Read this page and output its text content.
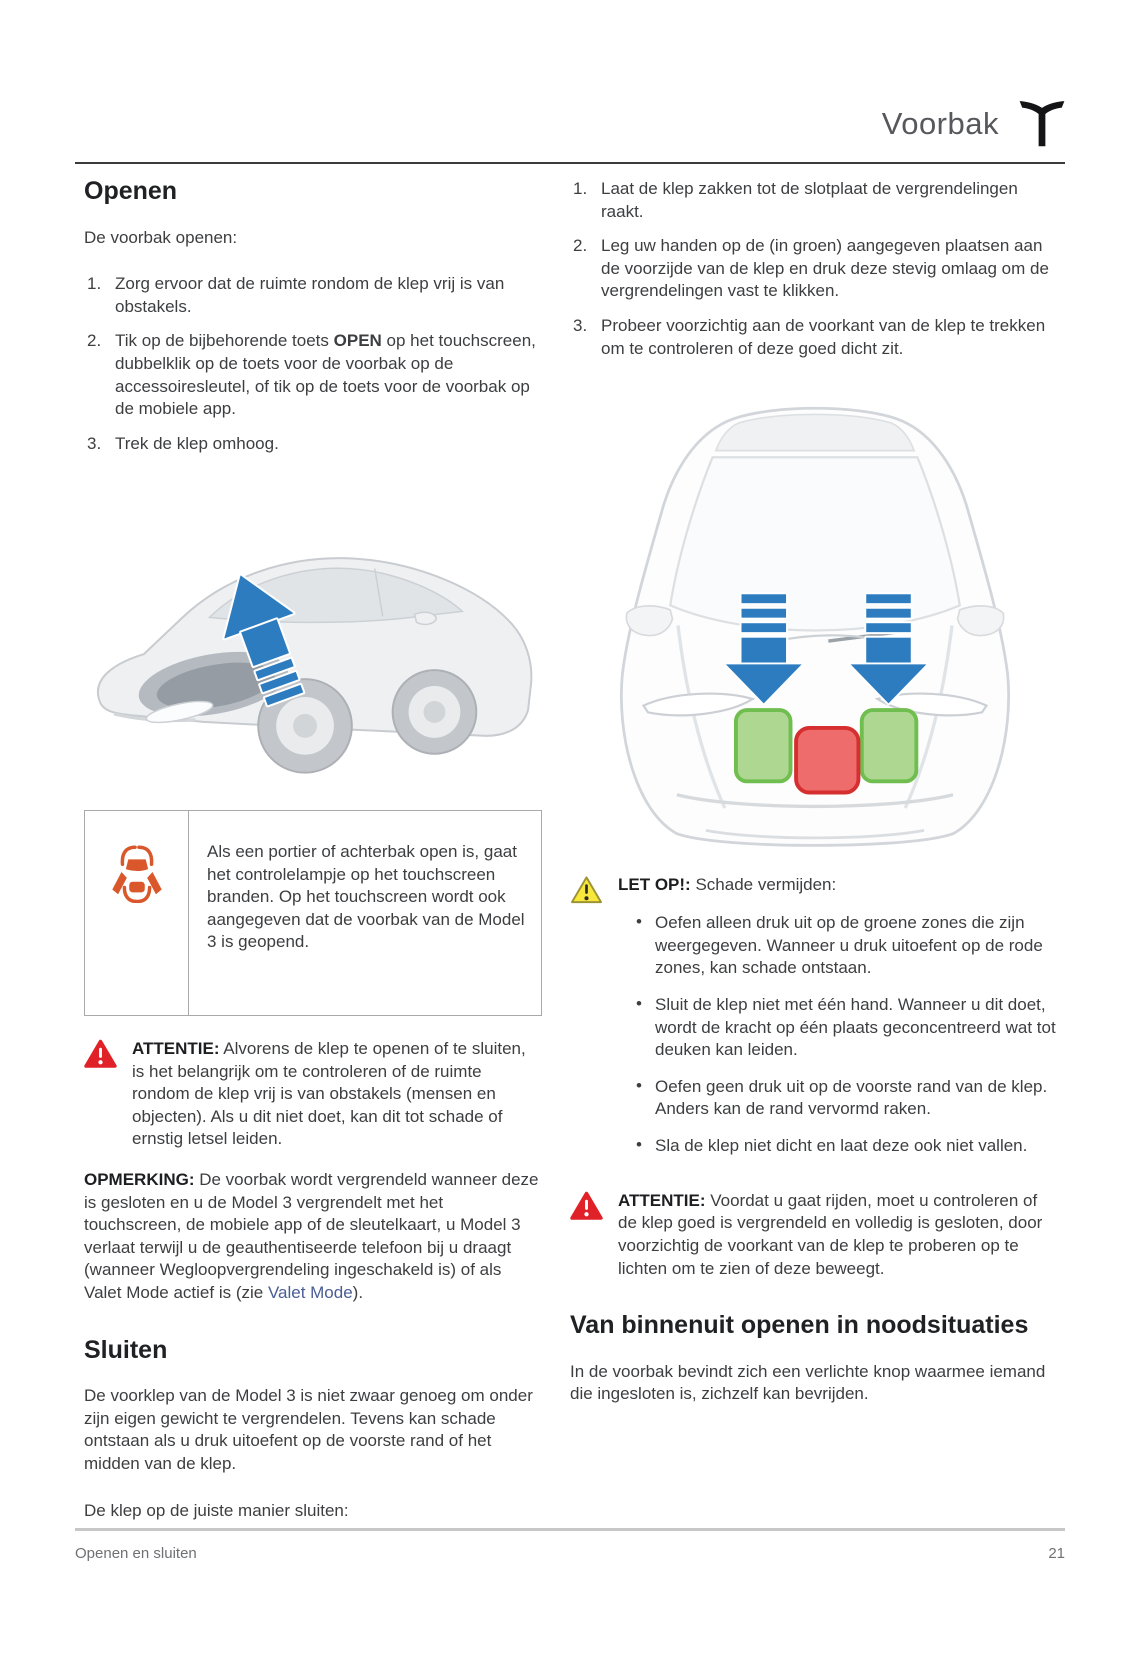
Voorbak
Openen

De voorbak openen:

Zorg ervoor dat de ruimte rondom de klep vrij is van obstakels.
Tik op de bijbehorende toets OPEN op het touchscreen, dubbelklik op de toets voor de voorbak op de accessoiresleutel, of tik op de toets voor de voorbak op de mobiele app.
Trek de klep omhoog.
Als een portier of achterbak open is, gaat het controlelampje op het touchscreen branden. Op het touchscreen wordt ook aangegeven dat de voorbak van de Model 3 is geopend.
ATTENTIE: Alvorens de klep te openen of te sluiten, is het belangrijk om te controleren of de ruimte rondom de klep vrij is van obstakels (mensen en objecten). Als u dit niet doet, kan dit tot schade of ernstig letsel leiden.

OPMERKING: De voorbak wordt vergrendeld wanneer deze is gesloten en u de Model 3 vergrendelt met het touchscreen, de mobiele app of de sleutelkaart, u Model 3 verlaat terwijl u de geauthentiseerde telefoon bij u draagt (wanneer Wegloopvergrendeling ingeschakeld is) of als Valet Mode actief is (zie Valet Mode).

Sluiten

De voorklep van de Model 3 is niet zwaar genoeg om onder zijn eigen gewicht te vergrendelen. Tevens kan schade ontstaan als u druk uitoefent op de voorste rand of het midden van de klep.

De klep op de juiste manier sluiten:

Laat de klep zakken tot de slotplaat de vergrendelingen raakt.
Leg uw handen op de (in groen) aangegeven plaatsen aan de voorzijde van de klep en druk deze stevig omlaag om de vergrendelingen vast te klikken.
Probeer voorzichtig aan de voorkant van de klep te trekken om te controleren of deze goed dicht zit.
LET OP!: Schade vermijden:
• Oefen alleen druk uit op de groene zones die zijn weergegeven. Wanneer u druk uitoefent op de rode zones, kan schade ontstaan.
• Sluit de klep niet met één hand. Wanneer u dit doet, wordt de kracht op één plaats geconcentreerd wat tot deuken kan leiden.
• Oefen geen druk uit op de voorste rand van de klep. Anders kan de rand vervormd raken.
• Sla de klep niet dicht en laat deze ook niet vallen.
ATTENTIE: Voordat u gaat rijden, moet u controleren of de klep goed is vergrendeld en volledig is gesloten, door voorzichtig de voorkant van de klep te proberen op te lichten om te zien of deze beweegt.
Van binnenuit openen in noodsituaties

In de voorbak bevindt zich een verlichte knop waarmee iemand die ingesloten is, zichzelf kan bevrijden.

Openen en sluiten	21
